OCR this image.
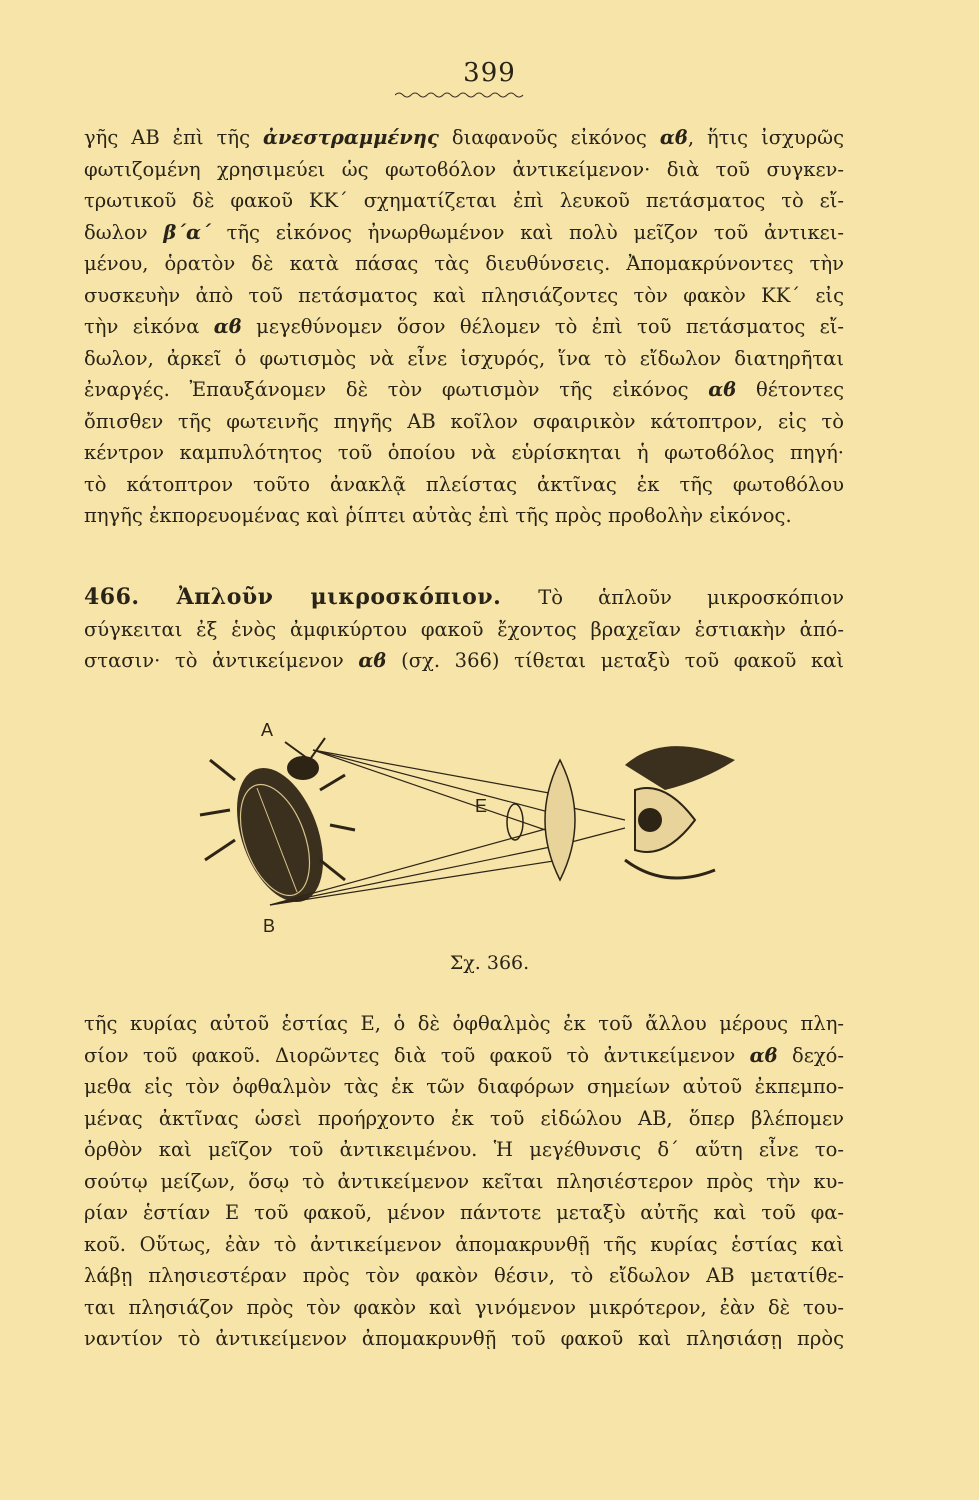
399
γῆς ΑΒ ἐπὶ τῆς ἀνεστραμμένης διαφανοῦς εἰκόνος αϐ, ἥτις ἰσχυρῶς
φωτιζομένη χρησιμεύει ὡς φωτοϐόλον ἀντικείμενον· διὰ τοῦ συγκεν-
τρωτικοῦ δὲ φακοῦ ΚΚ΄ σχηματίζεται ἐπὶ λευκοῦ πετάσματος τὸ εἴ-
δωλον β΄α΄ τῆς εἰκόνος ἠνωρθωμένον καὶ πολὺ μεῖζον τοῦ ἀντικει-
μένου, ὁρατὸν δὲ κατὰ πάσας τὰς διευθύνσεις. Ἀπομακρύνοντες τὴν
συσκευὴν ἀπὸ τοῦ πετάσματος καὶ πλησιάζοντες τὸν φακὸν ΚΚ΄ εἰς
τὴν εἰκόνα αϐ μεγεθύνομεν ὅσον θέλομεν τὸ ἐπὶ τοῦ πετάσματος εἴ-
δωλον, ἀρκεῖ ὁ φωτισμὸς νὰ εἶνε ἰσχυρός, ἵνα τὸ εἴδωλον διατηρῆται
ἐναργές. Ἐπαυξάνομεν δὲ τὸν φωτισμὸν τῆς εἰκόνος αϐ θέτοντες
ὄπισθεν τῆς φωτεινῆς πηγῆς ΑΒ κοῖλον σφαιρικὸν κάτοπτρον, εἰς τὸ
κέντρον καμπυλότητος τοῦ ὁποίου νὰ εὑρίσκηται ἡ φωτοϐόλος πηγή·
τὸ κάτοπτρον τοῦτο ἀνακλᾷ πλείστας ἀκτῖνας ἐκ τῆς φωτοϐόλου
πηγῆς ἐκπορευομένας καὶ ῥίπτει αὐτὰς ἐπὶ τῆς πρὸς προϐολὴν εἰκόνος.
466. Ἀπλοῦν μικροσκόπιον. Τὸ ἁπλοῦν μικροσκόπιον
σύγκειται ἐξ ἑνὸς ἀμφικύρτου φακοῦ ἔχοντος βραχεῖαν ἑστιακὴν ἀπό-
στασιν· τὸ ἀντικείμενον αϐ (σχ. 366) τίθεται μεταξὺ τοῦ φακοῦ καὶ
A
E
B
Σχ. 366.
τῆς κυρίας αὐτοῦ ἑστίας Ε, ὁ δὲ ὀφθαλμὸς ἐκ τοῦ ἄλλου μέρους πλη-
σίον τοῦ φακοῦ. Διορῶντες διὰ τοῦ φακοῦ τὸ ἀντικείμενον αϐ δεχό-
μεθα εἰς τὸν ὀφθαλμὸν τὰς ἐκ τῶν διαφόρων σημείων αὐτοῦ ἐκπεμπο-
μένας ἀκτῖνας ὡσεὶ προήρχοντο ἐκ τοῦ εἰδώλου ΑΒ, ὅπερ βλέπομεν
ὀρθὸν καὶ μεῖζον τοῦ ἀντικειμένου. Ἡ μεγέθυνσις δ΄ αὕτη εἶνε το-
σούτῳ μείζων, ὅσῳ τὸ ἀντικείμενον κεῖται πλησιέστερον πρὸς τὴν κυ-
ρίαν ἑστίαν Ε τοῦ φακοῦ, μένον πάντοτε μεταξὺ αὐτῆς καὶ τοῦ φα-
κοῦ. Οὕτως, ἐὰν τὸ ἀντικείμενον ἀπομακρυνθῇ τῆς κυρίας ἑστίας καὶ
λάβῃ πλησιεστέραν πρὸς τὸν φακὸν θέσιν, τὸ εἴδωλον ΑΒ μετατίθε-
ται πλησιάζον πρὸς τὸν φακὸν καὶ γινόμενον μικρότερον, ἐὰν δὲ του-
ναντίον τὸ ἀντικείμενον ἀπομακρυνθῇ τοῦ φακοῦ καὶ πλησιάσῃ πρὸς
